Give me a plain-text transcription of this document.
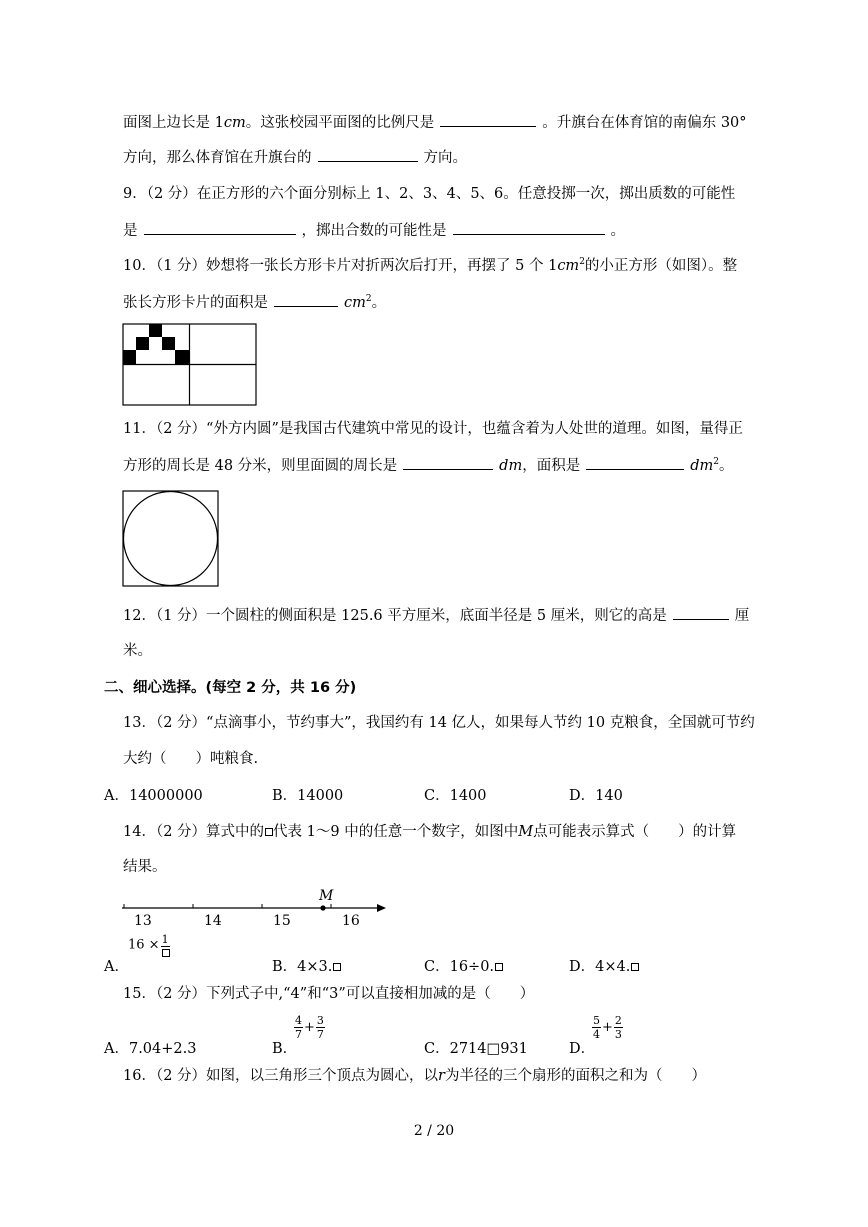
面图上边长是 1cm。这张校园平面图的比例尺是	。升旗台在体育馆的南偏东 30°
方向，那么体育馆在升旗台的	方向。
9．（2 分）在正方形的六个面分别标上 1、2、3、4、5、6。任意投掷一次，掷出质数的可能性
是	，掷出合数的可能性是	。
10．（1 分）妙想将一张长方形卡片对折两次后打开，再摆了 5 个 $1cm^2$的小正方形（如图）。整
张长方形卡片的面积是	$cm^2$。
11．（2 分）“外方内圆”是我国古代建筑中常见的设计，也蕴含着为人处世的道理。如图，量得正
方形的周长是 48 分米，则里面圆的周长是	dm，面积是	$dm^2$。
12．（1 分）一个圆柱的侧面积是 125.6 平方厘米，底面半径是 5 厘米，则它的高是	厘
米。
二、细心选择。(每空 2 分，共 16 分)
13．（2 分）“点滴事小，节约事大”，我国约有 14 亿人，如果每人节约 10 克粮食，全国就可节约
大约（　　）吨粮食.
A．14000000	B．14000	C．1400	D．140
14．（2 分）算式中的 代表 1～9 中的任意一个数字，如图中M点可能表示算式（　　）的计算
结果。
M
13	14	15	16
A．
16 × 1
B．4×3.	C．16÷0.	D．4×4.
15．（2 分）下列式子中,“4”和“3”可以直接相加减的是（　　）
A．7.04+2.3	B．
$\frac{4}{7} + \frac{3}{7}$
C．2714□931	D．
$\frac{5}{4} + \frac{2}{3}$
16．（2 分）如图，以三角形三个顶点为圆心，以r为半径的三个扇形的面积之和为（　　）
2 / 20
